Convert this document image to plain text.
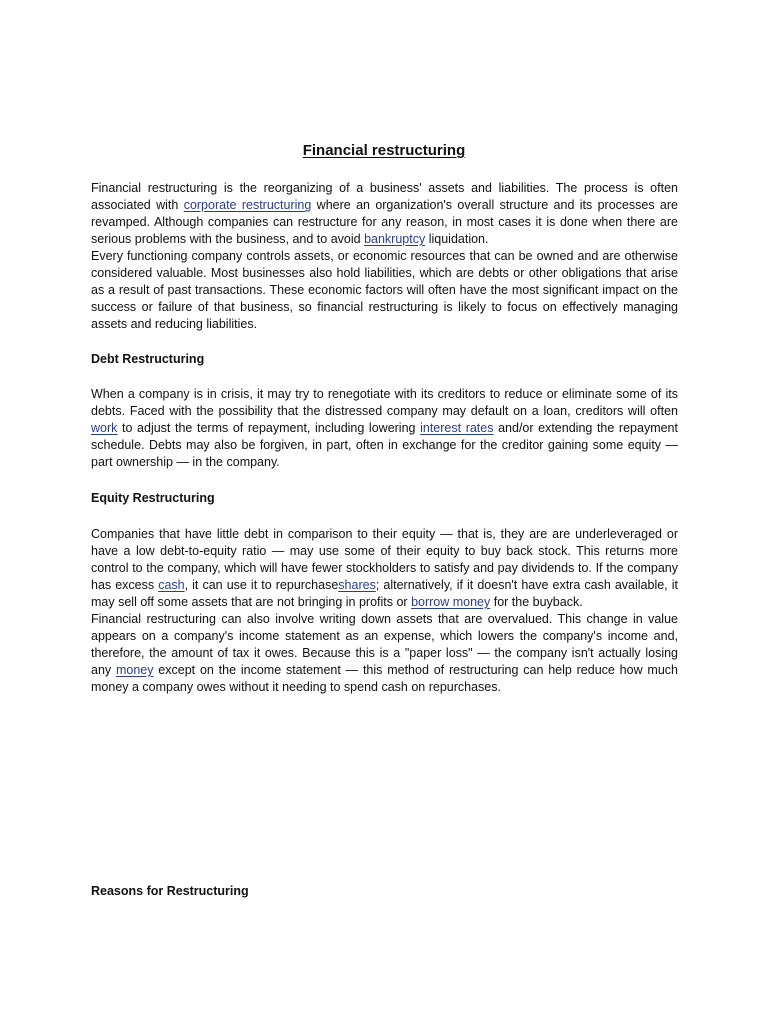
Financial restructuring

Financial restructuring is the reorganizing of a business' assets and liabilities. The process is often associated with corporate restructuring where an organization's overall structure and its processes are revamped. Although companies can restructure for any reason, in most cases it is done when there are serious problems with the business, and to avoid bankruptcy liquidation.

Every functioning company controls assets, or economic resources that can be owned and are otherwise considered valuable. Most businesses also hold liabilities, which are debts or other obligations that arise as a result of past transactions. These economic factors will often have the most significant impact on the success or failure of that business, so financial restructuring is likely to focus on effectively managing assets and reducing liabilities.

Debt Restructuring

When a company is in crisis, it may try to renegotiate with its creditors to reduce or eliminate some of its debts. Faced with the possibility that the distressed company may default on a loan, creditors will often work to adjust the terms of repayment, including lowering interest rates and/or extending the repayment schedule. Debts may also be forgiven, in part, often in exchange for the creditor gaining some equity — part ownership — in the company.

Equity Restructuring

Companies that have little debt in comparison to their equity — that is, they are are underleveraged or have a low debt-to-equity ratio — may use some of their equity to buy back stock. This returns more control to the company, which will have fewer stockholders to satisfy and pay dividends to. If the company has excess cash, it can use it to repurchaseshares; alternatively, if it doesn't have extra cash available, it may sell off some assets that are not bringing in profits or borrow money for the buyback.

Financial restructuring can also involve writing down assets that are overvalued. This change in value appears on a company's income statement as an expense, which lowers the company's income and, therefore, the amount of tax it owes. Because this is a "paper loss" — the company isn't actually losing any money except on the income statement — this method of restructuring can help reduce how much money a company owes without it needing to spend cash on repurchases.

Reasons for Restructuring
